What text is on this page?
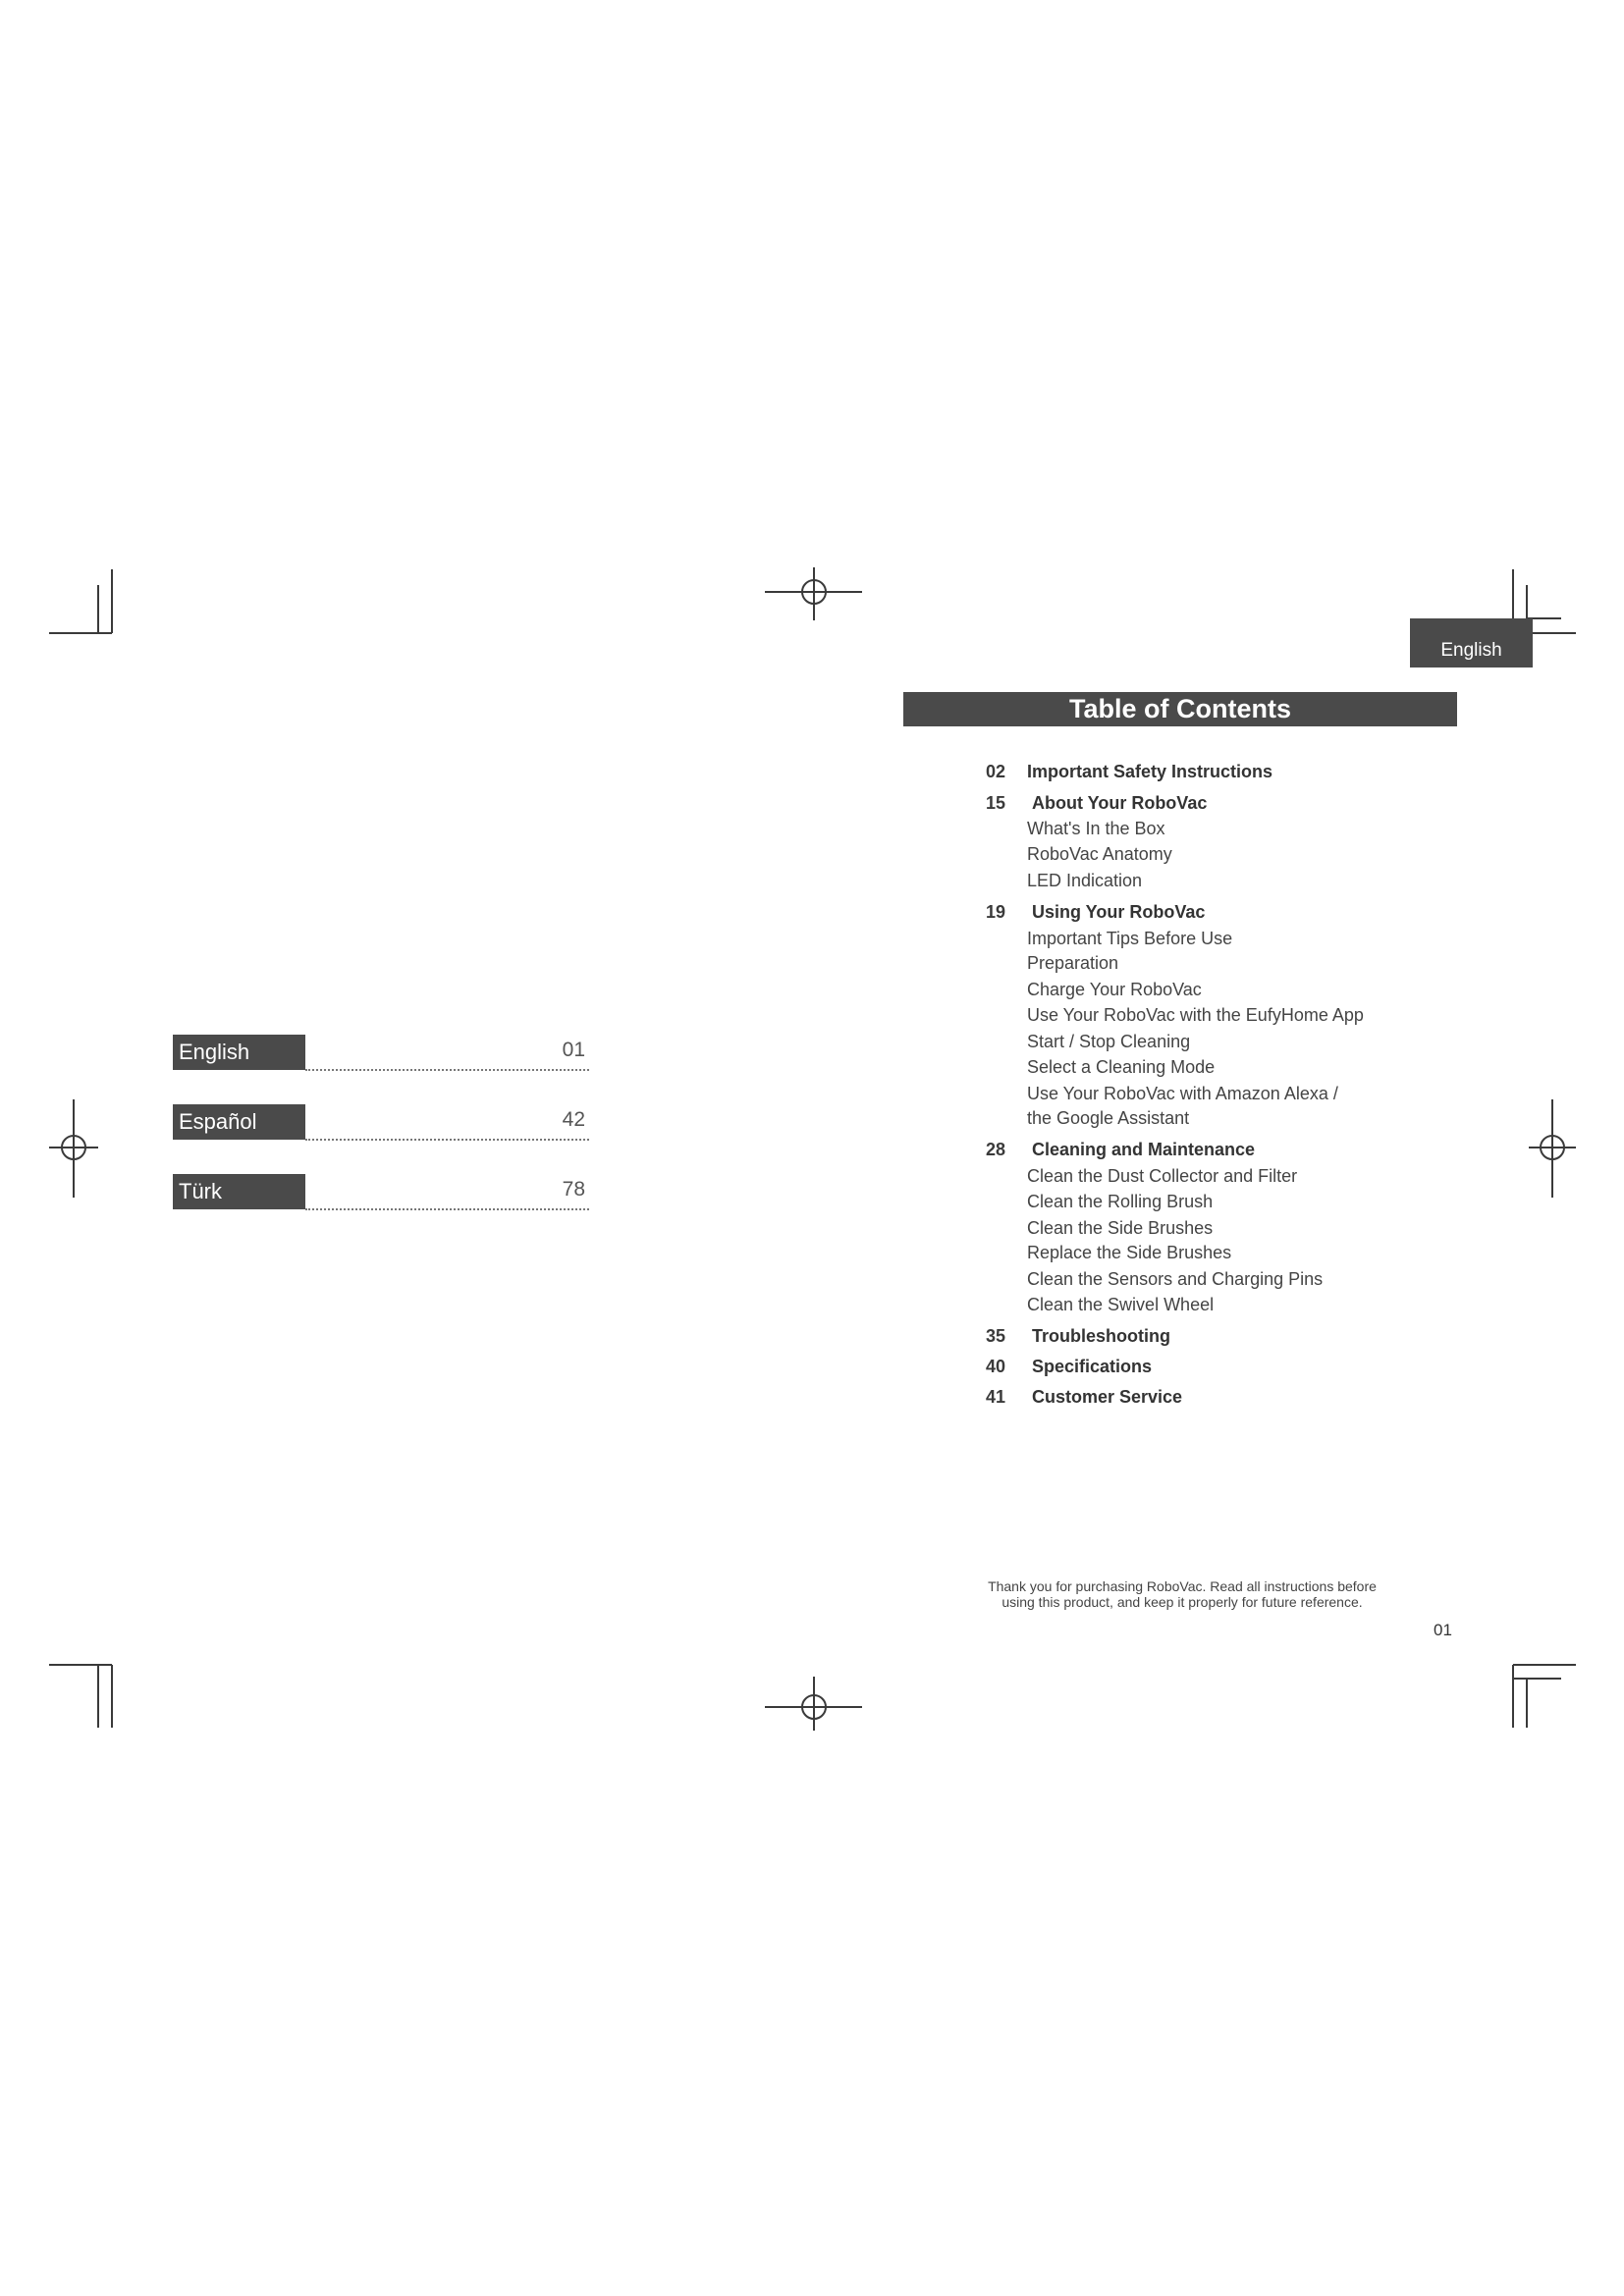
English	01
Español	42
Türk	78
English
Table of Contents
02 Important Safety Instructions
15 About Your RoboVac
What's In the Box
RoboVac Anatomy
LED Indication
19 Using Your RoboVac
Important Tips Before Use
Preparation
Charge Your RoboVac
Use Your RoboVac with the EufyHome App
Start / Stop Cleaning
Select a Cleaning Mode
Use Your RoboVac with Amazon Alexa /
the Google Assistant
28 Cleaning and Maintenance
Clean the Dust Collector and Filter
Clean the Rolling Brush
Clean the Side Brushes
Replace the Side Brushes
Clean the Sensors and Charging Pins
Clean the Swivel Wheel
35 Troubleshooting
40 Specifications
41 Customer Service
Thank you for purchasing RoboVac. Read all instructions before
using this product, and keep it properly for future reference.
01
